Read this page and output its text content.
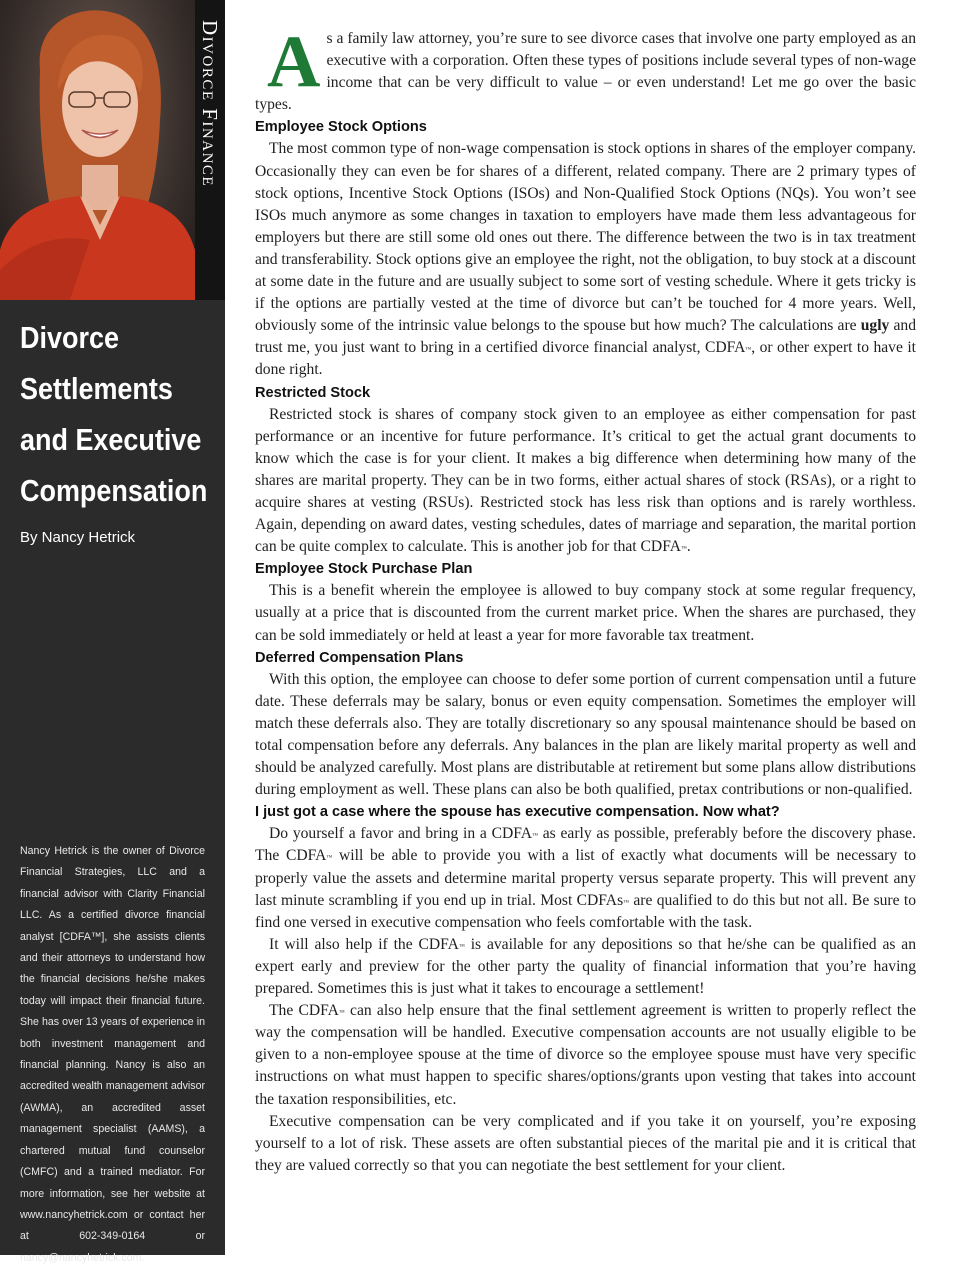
Divorce Finance
Divorce
Settlements
and Executive
Compensation
By Nancy Hetrick
Nancy Hetrick is the owner of Divorce Financial Strategies, LLC and a financial advisor with Clarity Financial LLC. As a certified divorce financial analyst [CDFA™], she assists clients and their attorneys to understand how the financial decisions he/she makes today will impact their financial future. She has over 13 years of experience in both investment management and financial planning. Nancy is also an accredited wealth management advisor (AWMA), an accredited asset management specialist (AAMS), a chartered mutual fund counselor (CMFC) and a trained mediator. For more information, see her website at www.nancyhetrick.com or contact her at 602-349-0164 or nancy@nancyhetrick.com.

As a family law attorney, you’re sure to see divorce cases that involve one party employed as an executive with a corporation. Often these types of positions include several types of non-wage income that can be very difficult to value – or even understand! Let me go over the basic types.

Employee Stock Options

The most common type of non-wage compensation is stock options in shares of the employer company. Occasionally they can even be for shares of a different, related company. There are 2 primary types of stock options, Incentive Stock Options (ISOs) and Non-Qualified Stock Options (NQs). You won’t see ISOs much anymore as some changes in taxation to employers have made them less advantageous for employers but there are still some old ones out there. The difference between the two is in tax treatment and transferability. Stock options give an employee the right, not the obligation, to buy stock at a discount at some date in the future and are usually subject to some sort of vesting schedule. Where it gets tricky is if the options are partially vested at the time of divorce but can’t be touched for 4 more years. Well, obviously some of the intrinsic value belongs to the spouse but how much? The calculations are ugly and trust me, you just want to bring in a certified divorce financial analyst, CDFA™, or other expert to have it done right.

Restricted Stock

Restricted stock is shares of company stock given to an employee as either compensation for past performance or an incentive for future performance. It’s critical to get the actual grant documents to know which the case is for your client. It makes a big difference when determining how many of the shares are marital property. They can be in two forms, either actual shares of stock (RSAs), or a right to acquire shares at vesting (RSUs). Restricted stock has less risk than options and is rarely worthless. Again, depending on award dates, vesting schedules, dates of marriage and separation, the marital portion can be quite complex to calculate. This is another job for that CDFA™.

Employee Stock Purchase Plan

This is a benefit wherein the employee is allowed to buy company stock at some regular frequency, usually at a price that is discounted from the current market price. When the shares are purchased, they can be sold immediately or held at least a year for more favorable tax treatment.

Deferred Compensation Plans

With this option, the employee can choose to defer some portion of current compensation until a future date. These deferrals may be salary, bonus or even equity compensation. Sometimes the employer will match these deferrals also. They are totally discretionary so any spousal maintenance should be based on total compensation before any deferrals. Any balances in the plan are likely marital property as well and should be analyzed carefully. Most plans are distributable at retirement but some plans allow distributions during employment as well. These plans can also be both qualified, pretax contributions or non-qualified.

I just got a case where the spouse has executive compensation. Now what?

Do yourself a favor and bring in a CDFA™ as early as possible, preferably before the discovery phase. The CDFA™ will be able to provide you with a list of exactly what documents will be necessary to properly value the assets and determine marital property versus separate property. This will prevent any last minute scrambling if you end up in trial. Most CDFAs™ are qualified to do this but not all. Be sure to find one versed in executive compensation who feels comfortable with the task.

It will also help if the CDFA™ is available for any depositions so that he/she can be qualified as an expert early and preview for the other party the quality of financial information that you’re having prepared. Sometimes this is just what it takes to encourage a settlement!

The CDFA™ can also help ensure that the final settlement agreement is written to properly reflect the way the compensation will be handled. Executive compensation accounts are not usually eligible to be given to a non-employee spouse at the time of divorce so the employee spouse must have very specific instructions on what must happen to specific shares/options/grants upon vesting that takes into account the taxation responsibilities, etc.

Executive compensation can be very complicated and if you take it on yourself, you’re exposing yourself to a lot of risk. These assets are often substantial pieces of the marital pie and it is critical that they are valued correctly so that you can negotiate the best settlement for your client.
